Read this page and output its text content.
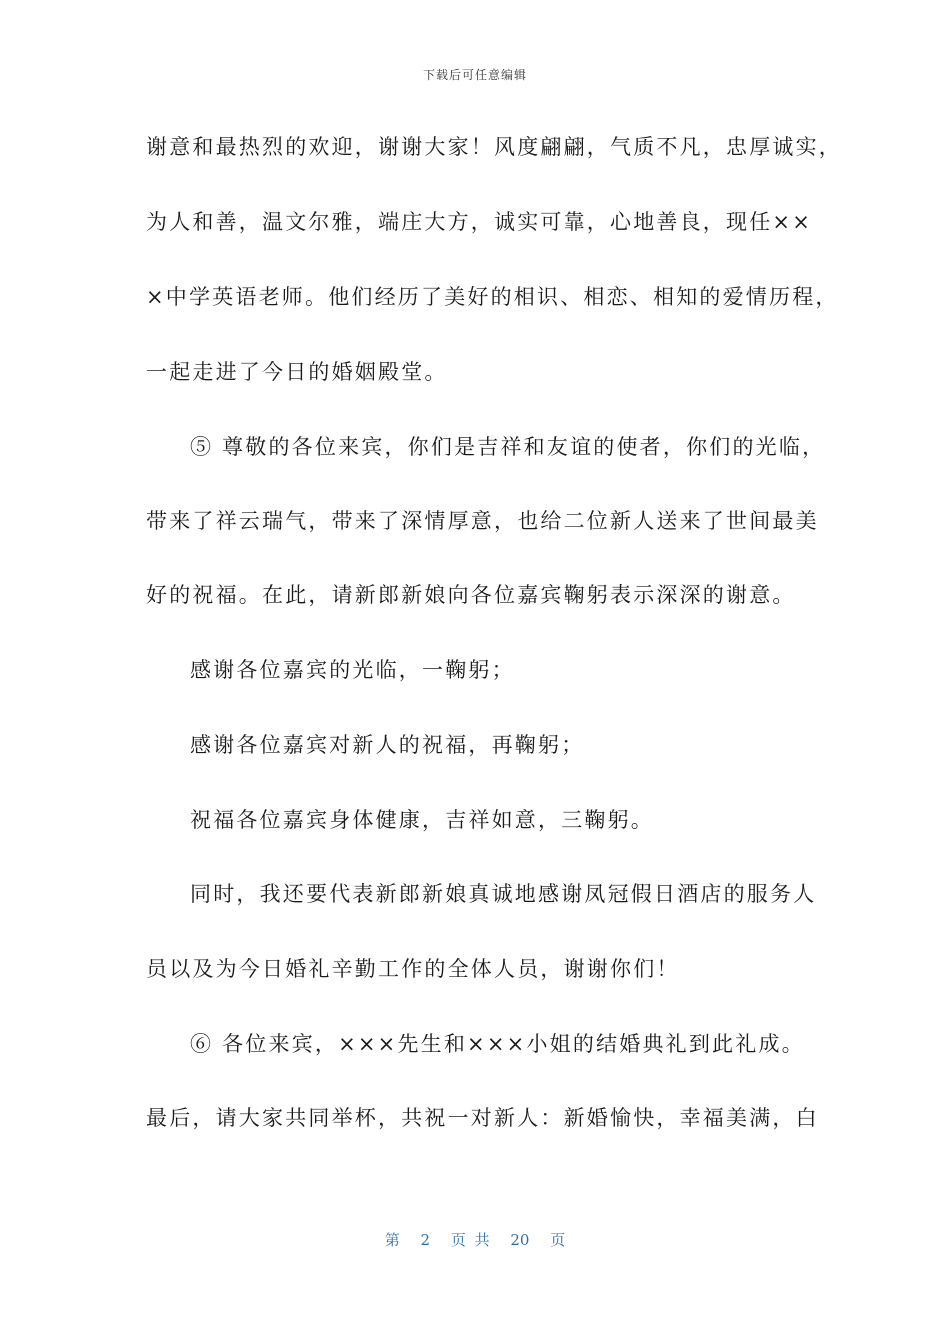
下载后可任意编辑
谢意和最热烈的欢迎，谢谢大家！风度翩翩，气质不凡，忠厚诚实，
为人和善，温文尔雅，端庄大方，诚实可靠，心地善良，现任××
×中学英语老师。他们经历了美好的相识、相恋、相知的爱情历程，
一起走进了今日的婚姻殿堂。
⑤ 尊敬的各位来宾，你们是吉祥和友谊的使者，你们的光临，
带来了祥云瑞气，带来了深情厚意，也给二位新人送来了世间最美
好的祝福。在此，请新郎新娘向各位嘉宾鞠躬表示深深的谢意。
感谢各位嘉宾的光临，一鞠躬；
感谢各位嘉宾对新人的祝福，再鞠躬；
祝福各位嘉宾身体健康，吉祥如意，三鞠躬。
同时，我还要代表新郎新娘真诚地感谢凤冠假日酒店的服务人
员以及为今日婚礼辛勤工作的全体人员，谢谢你们！
⑥ 各位来宾，×××先生和×××小姐的结婚典礼到此礼成。
最后，请大家共同举杯，共祝一对新人：新婚愉快，幸福美满，白
第 2 页 共 20 页
